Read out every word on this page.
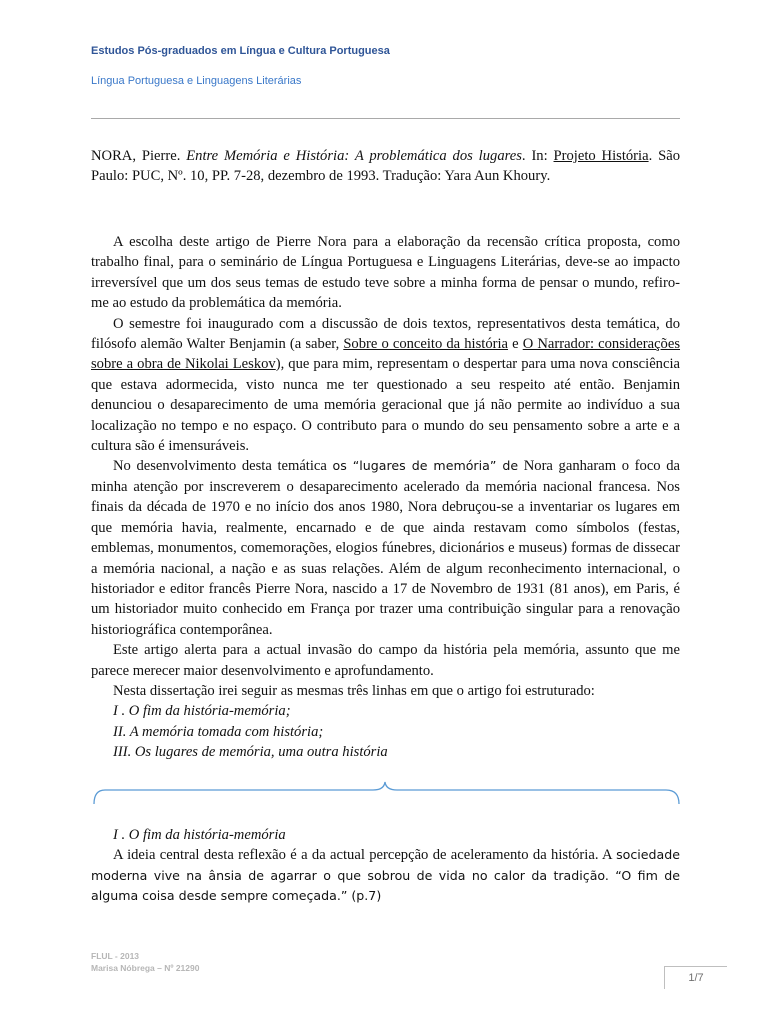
Estudos Pós-graduados em Língua e Cultura Portuguesa
Língua Portuguesa e Linguagens Literárias

NORA, Pierre. Entre Memória e História: A problemática dos lugares. In: Projeto História. São Paulo: PUC, Nº. 10, PP. 7-28, dezembro de 1993. Tradução: Yara Aun Khoury.

A escolha deste artigo de Pierre Nora para a elaboração da recensão crítica proposta, como trabalho final, para o seminário de Língua Portuguesa e Linguagens Literárias, deve-se ao impacto irreversível que um dos seus temas de estudo teve sobre a minha forma de pensar o mundo, refiro-me ao estudo da problemática da memória.

O semestre foi inaugurado com a discussão de dois textos, representativos desta temática, do filósofo alemão Walter Benjamin (a saber, Sobre o conceito da história e O Narrador: considerações sobre a obra de Nikolai Leskov), que para mim, representam o despertar para uma nova consciência que estava adormecida, visto nunca me ter questionado a seu respeito até então. Benjamin denunciou o desaparecimento de uma memória geracional que já não permite ao indivíduo a sua localização no tempo e no espaço. O contributo para o mundo do seu pensamento sobre a arte e a cultura são é imensuráveis.

No desenvolvimento desta temática os “lugares de memória” de Nora ganharam o foco da minha atenção por inscreverem o desaparecimento acelerado da memória nacional francesa. Nos finais da década de 1970 e no início dos anos 1980, Nora debruçou-se a inventariar os lugares em que memória havia, realmente, encarnado e de que ainda restavam como símbolos (festas, emblemas, monumentos, comemorações, elogios fúnebres, dicionários e museus) formas de dissecar a memória nacional, a nação e as suas relações. Além de algum reconhecimento internacional, o historiador e editor francês Pierre Nora, nascido a 17 de Novembro de 1931 (81 anos), em Paris, é um historiador muito conhecido em França por trazer uma contribuição singular para a renovação historiográfica contemporânea.

Este artigo alerta para a actual invasão do campo da história pela memória, assunto que me parece merecer maior desenvolvimento e aprofundamento.

Nesta dissertação irei seguir as mesmas três linhas em que o artigo foi estruturado:

I . O fim da história-memória;

II. A memória tomada com história;

III. Os lugares de memória, uma outra história

I . O fim da história-memória

A ideia central desta reflexão é a da actual percepção de aceleramento da história. A sociedade moderna vive na ânsia de agarrar o que sobrou de vida no calor da tradição. “O fim de alguma coisa desde sempre começada.” (p.7)

FLUL - 2013
Marisa Nóbrega – Nº 21290
1/7
